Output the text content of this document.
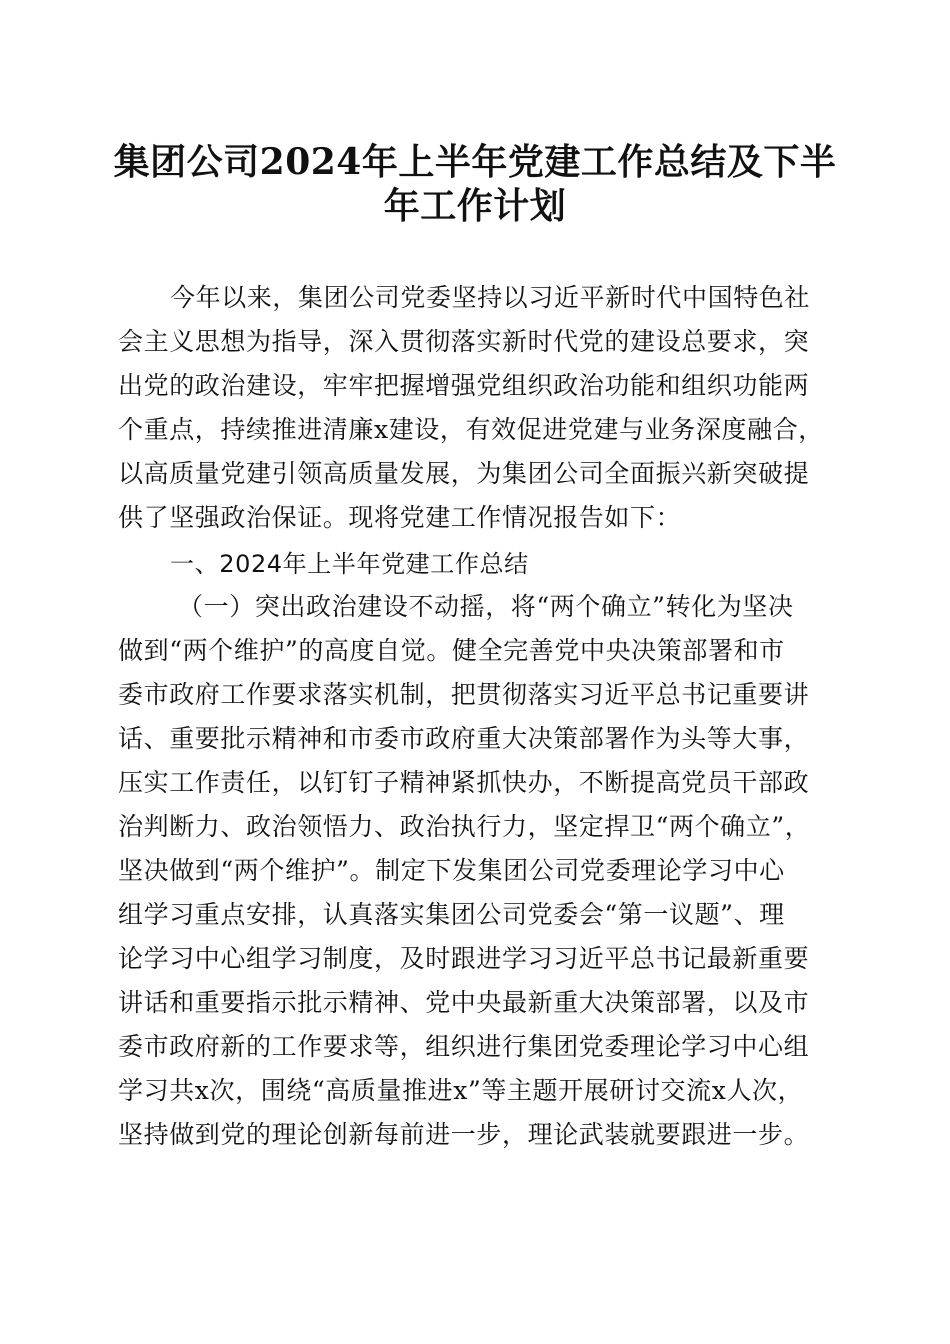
集团公司2024年上半年党建工作总结及下半
年工作计划

今年以来，集团公司党委坚持以习近平新时代中国特色社

会主义思想为指导，深入贯彻落实新时代党的建设总要求，突

出党的政治建设，牢牢把握增强党组织政治功能和组织功能两

个重点，持续推进清廉x建设，有效促进党建与业务深度融合，

以高质量党建引领高质量发展，为集团公司全面振兴新突破提

供了坚强政治保证。现将党建工作情况报告如下：

一、2024年上半年党建工作总结

（一）突出政治建设不动摇，将“两个确立”转化为坚决

做到“两个维护”的高度自觉。健全完善党中央决策部署和市

委市政府工作要求落实机制，把贯彻落实习近平总书记重要讲

话、重要批示精神和市委市政府重大决策部署作为头等大事，

压实工作责任，以钉钉子精神紧抓快办，不断提高党员干部政

治判断力、政治领悟力、政治执行力，坚定捍卫“两个确立”，

坚决做到“两个维护”。制定下发集团公司党委理论学习中心

组学习重点安排，认真落实集团公司党委会“第一议题”、理

论学习中心组学习制度，及时跟进学习习近平总书记最新重要

讲话和重要指示批示精神、党中央最新重大决策部署，以及市

委市政府新的工作要求等，组织进行集团党委理论学习中心组

学习共x次，围绕“高质量推进x”等主题开展研讨交流x人次，

坚持做到党的理论创新每前进一步，理论武装就要跟进一步。
